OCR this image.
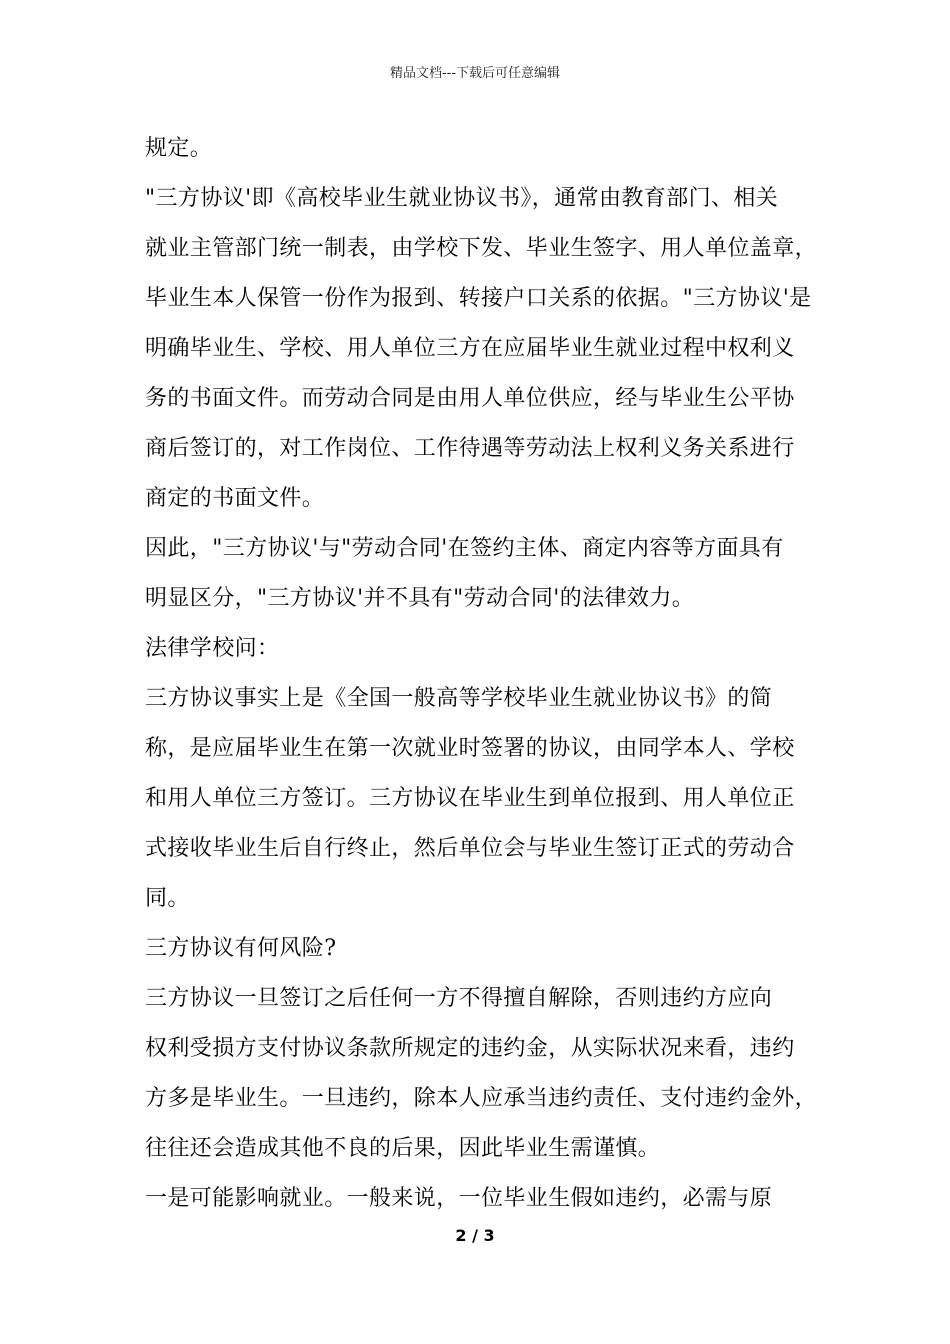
精品文档---下载后可任意编辑
规定。
"三方协议'即《高校毕业生就业协议书》，通常由教育部门、相关
就业主管部门统一制表，由学校下发、毕业生签字、用人单位盖章，
毕业生本人保管一份作为报到、转接户口关系的依据。"三方协议'是
明确毕业生、学校、用人单位三方在应届毕业生就业过程中权利义
务的书面文件。而劳动合同是由用人单位供应，经与毕业生公平协
商后签订的，对工作岗位、工作待遇等劳动法上权利义务关系进行
商定的书面文件。
因此，"三方协议'与"劳动合同'在签约主体、商定内容等方面具有
明显区分，"三方协议'并不具有"劳动合同'的法律效力。
法律学校问：
三方协议事实上是《全国一般高等学校毕业生就业协议书》的简
称，是应届毕业生在第一次就业时签署的协议，由同学本人、学校
和用人单位三方签订。三方协议在毕业生到单位报到、用人单位正
式接收毕业生后自行终止，然后单位会与毕业生签订正式的劳动合
同。
三方协议有何风险?
三方协议一旦签订之后任何一方不得擅自解除，否则违约方应向
权利受损方支付协议条款所规定的违约金，从实际状况来看，违约
方多是毕业生。一旦违约，除本人应承当违约责任、支付违约金外，
往往还会造成其他不良的后果，因此毕业生需谨慎。
一是可能影响就业。一般来说，一位毕业生假如违约，必需与原
2 / 3
